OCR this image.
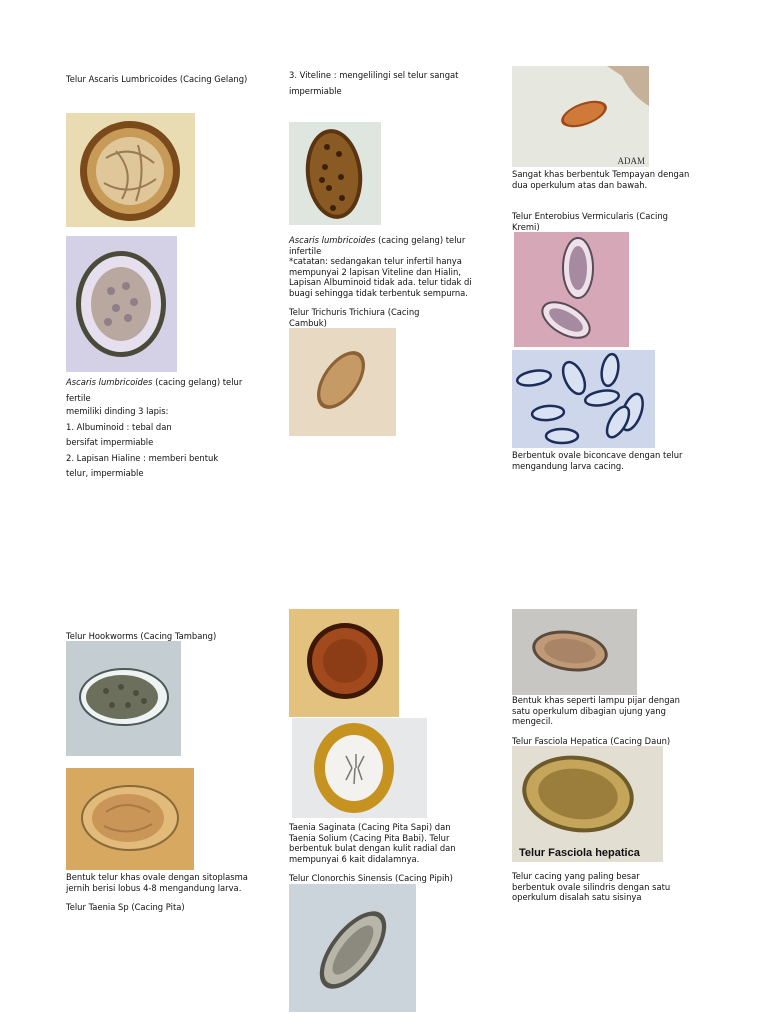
Telur Ascaris Lumbricoides (Cacing Gelang)

Ascaris lumbricoides (cacing gelang) telur fertile

memiliki dinding 3 lapis:
1. Albuminoid : tebal dan
bersifat impermiable
2. Lapisan Hialine : memberi bentuk
telur, impermiable

3. Viteline : mengelilingi sel telur sangat
impermiable

Ascaris lumbricoides (cacing gelang) telur
infertile

*catatan: sedangakan telur infertil hanya
mempunyai 2 lapisan Viteline dan Hialin,
Lapisan Albuminoid tidak ada. telur tidak di
buagi sehingga tidak terbentuk sempurna.

Telur Trichuris Trichiura (Cacing
Cambuk)

ADAM

Sangat khas berbentuk Tempayan dengan
dua operkulum atas dan bawah.

Telur Enterobius Vermicularis (Cacing
Kremi)

Berbentuk ovale biconcave dengan telur
mengandung larva cacing.

Telur Hookworms (Cacing Tambang)

Bentuk telur khas ovale dengan sitoplasma
jernih berisi lobus 4-8 mengandung larva.

Telur Taenia Sp (Cacing Pita)

Taenia Saginata (Cacing Pita Sapi) dan
Taenia Solium (Cacing Pita Babi). Telur
berbentuk bulat dengan kulit radial dan
mempunyai 6 kait didalamnya.

Telur Clonorchis Sinensis (Cacing Pipih)

Bentuk khas seperti lampu pijar dengan
satu operkulum dibagian ujung yang
mengecil.

Telur Fasciola Hepatica (Cacing Daun)

Telur Fasciola hepatica

Telur cacing yang paling besar
berbentuk ovale silindris dengan satu
operkulum disalah satu sisinya
